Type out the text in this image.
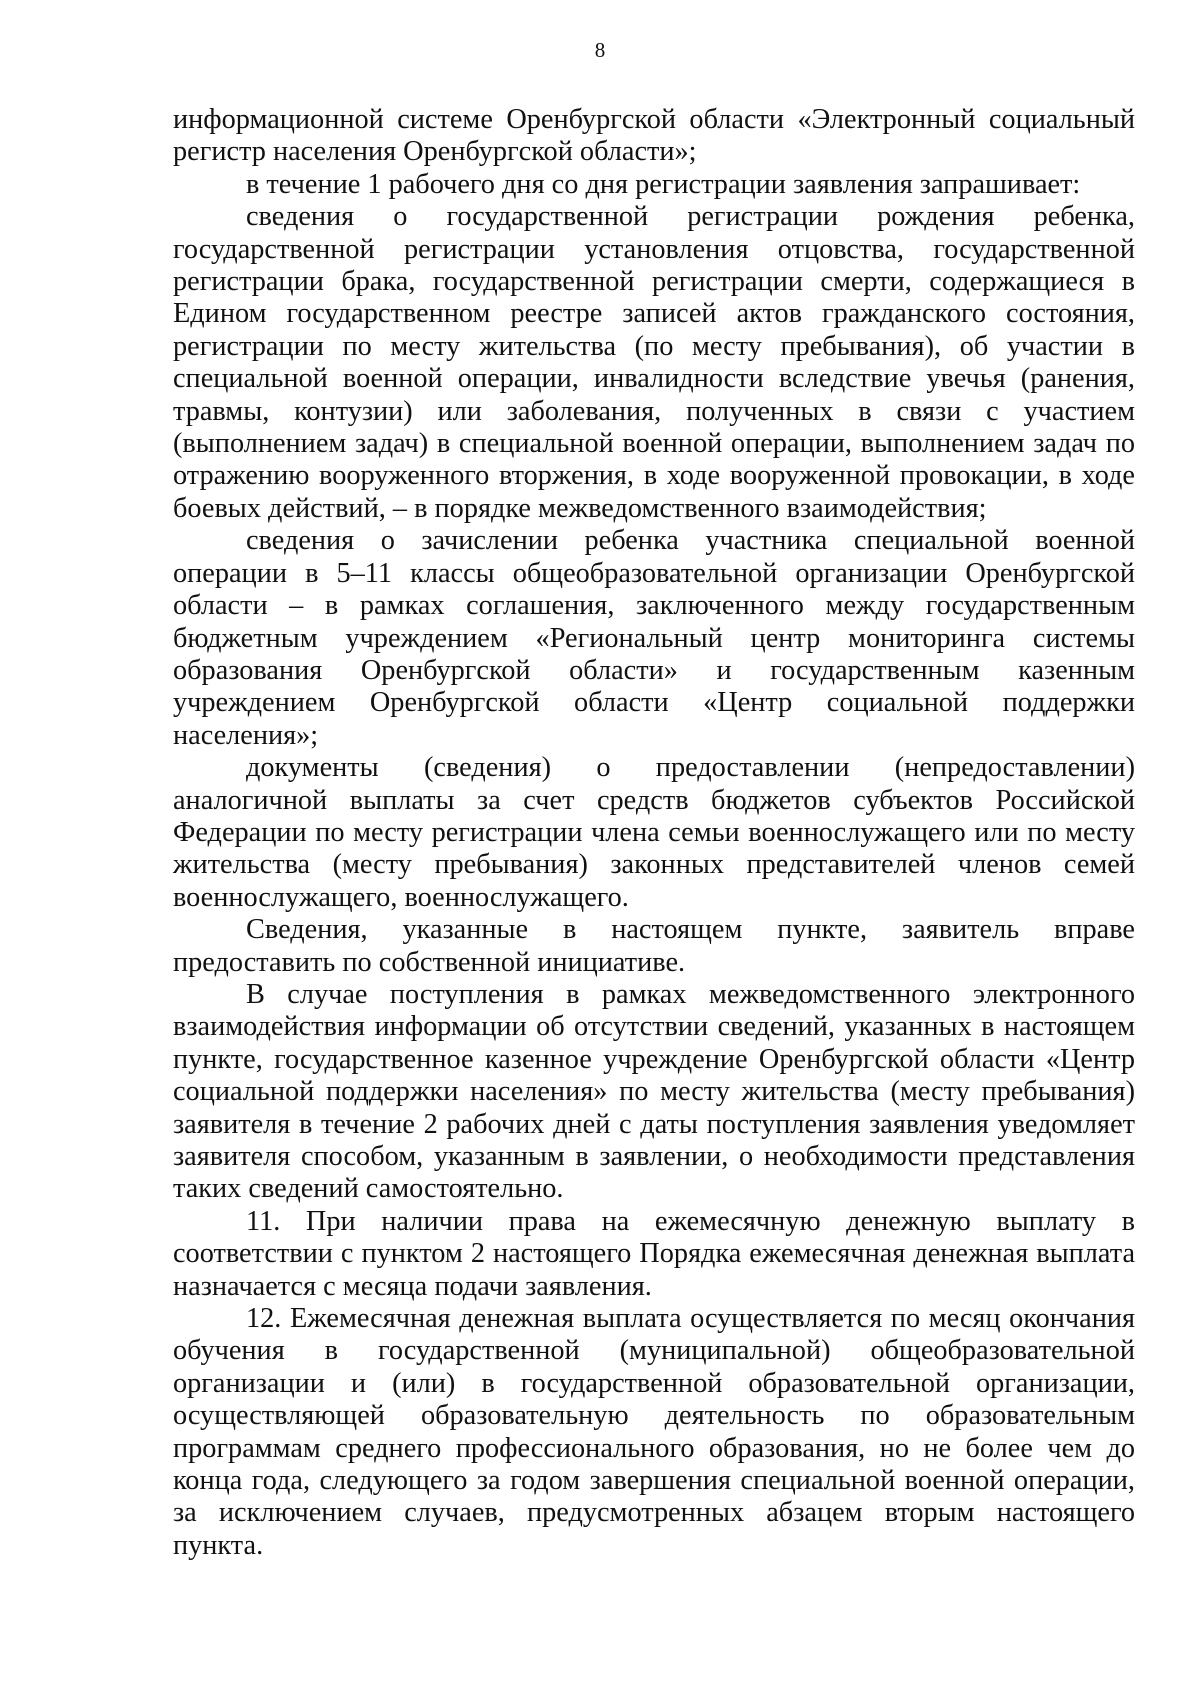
8

информационной системе Оренбургской области «Электронный социальный регистр населения Оренбургской области»;

в течение 1 рабочего дня со дня регистрации заявления запрашивает:

сведения о государственной регистрации рождения ребенка, государственной регистрации установления отцовства, государственной регистрации брака, государственной регистрации смерти, содержащиеся в Едином государственном реестре записей актов гражданского состояния, регистрации по месту жительства (по месту пребывания), об участии в специальной военной операции, инвалидности вследствие увечья (ранения, травмы, контузии) или заболевания, полученных в связи с участием (выполнением задач) в специальной военной операции, выполнением задач по отражению вооруженного вторжения, в ходе вооруженной провокации, в ходе боевых действий, – в порядке межведомственного взаимодействия;

сведения о зачислении ребенка участника специальной военной операции в 5–11 классы общеобразовательной организации Оренбургской области – в рамках соглашения, заключенного между государственным бюджетным учреждением «Региональный центр мониторинга системы образования Оренбургской области» и государственным казенным учреждением Оренбургской области «Центр социальной поддержки населения»;

документы (сведения) о предоставлении (непредоставлении) аналогичной выплаты за счет средств бюджетов субъектов Российской Федерации по месту регистрации члена семьи военнослужащего или по месту жительства (месту пребывания) законных представителей членов семей военнослужащего, военнослужащего.

Сведения, указанные в настоящем пункте, заявитель вправе предоставить по собственной инициативе.

В случае поступления в рамках межведомственного электронного взаимодействия информации об отсутствии сведений, указанных в настоящем пункте, государственное казенное учреждение Оренбургской области «Центр социальной поддержки населения» по месту жительства (месту пребывания) заявителя в течение 2 рабочих дней с даты поступления заявления уведомляет заявителя способом, указанным в заявлении, о необходимости представления таких сведений самостоятельно.

11. При наличии права на ежемесячную денежную выплату в соответствии с пунктом 2 настоящего Порядка ежемесячная денежная выплата назначается с месяца подачи заявления.

12. Ежемесячная денежная выплата осуществляется по месяц окончания обучения в государственной (муниципальной) общеобразовательной организации и (или) в государственной образовательной организации, осуществляющей образовательную деятельность по образовательным программам среднего профессионального образования, но не более чем до конца года, следующего за годом завершения специальной военной операции, за исключением случаев, предусмотренных абзацем вторым настоящего пункта.
